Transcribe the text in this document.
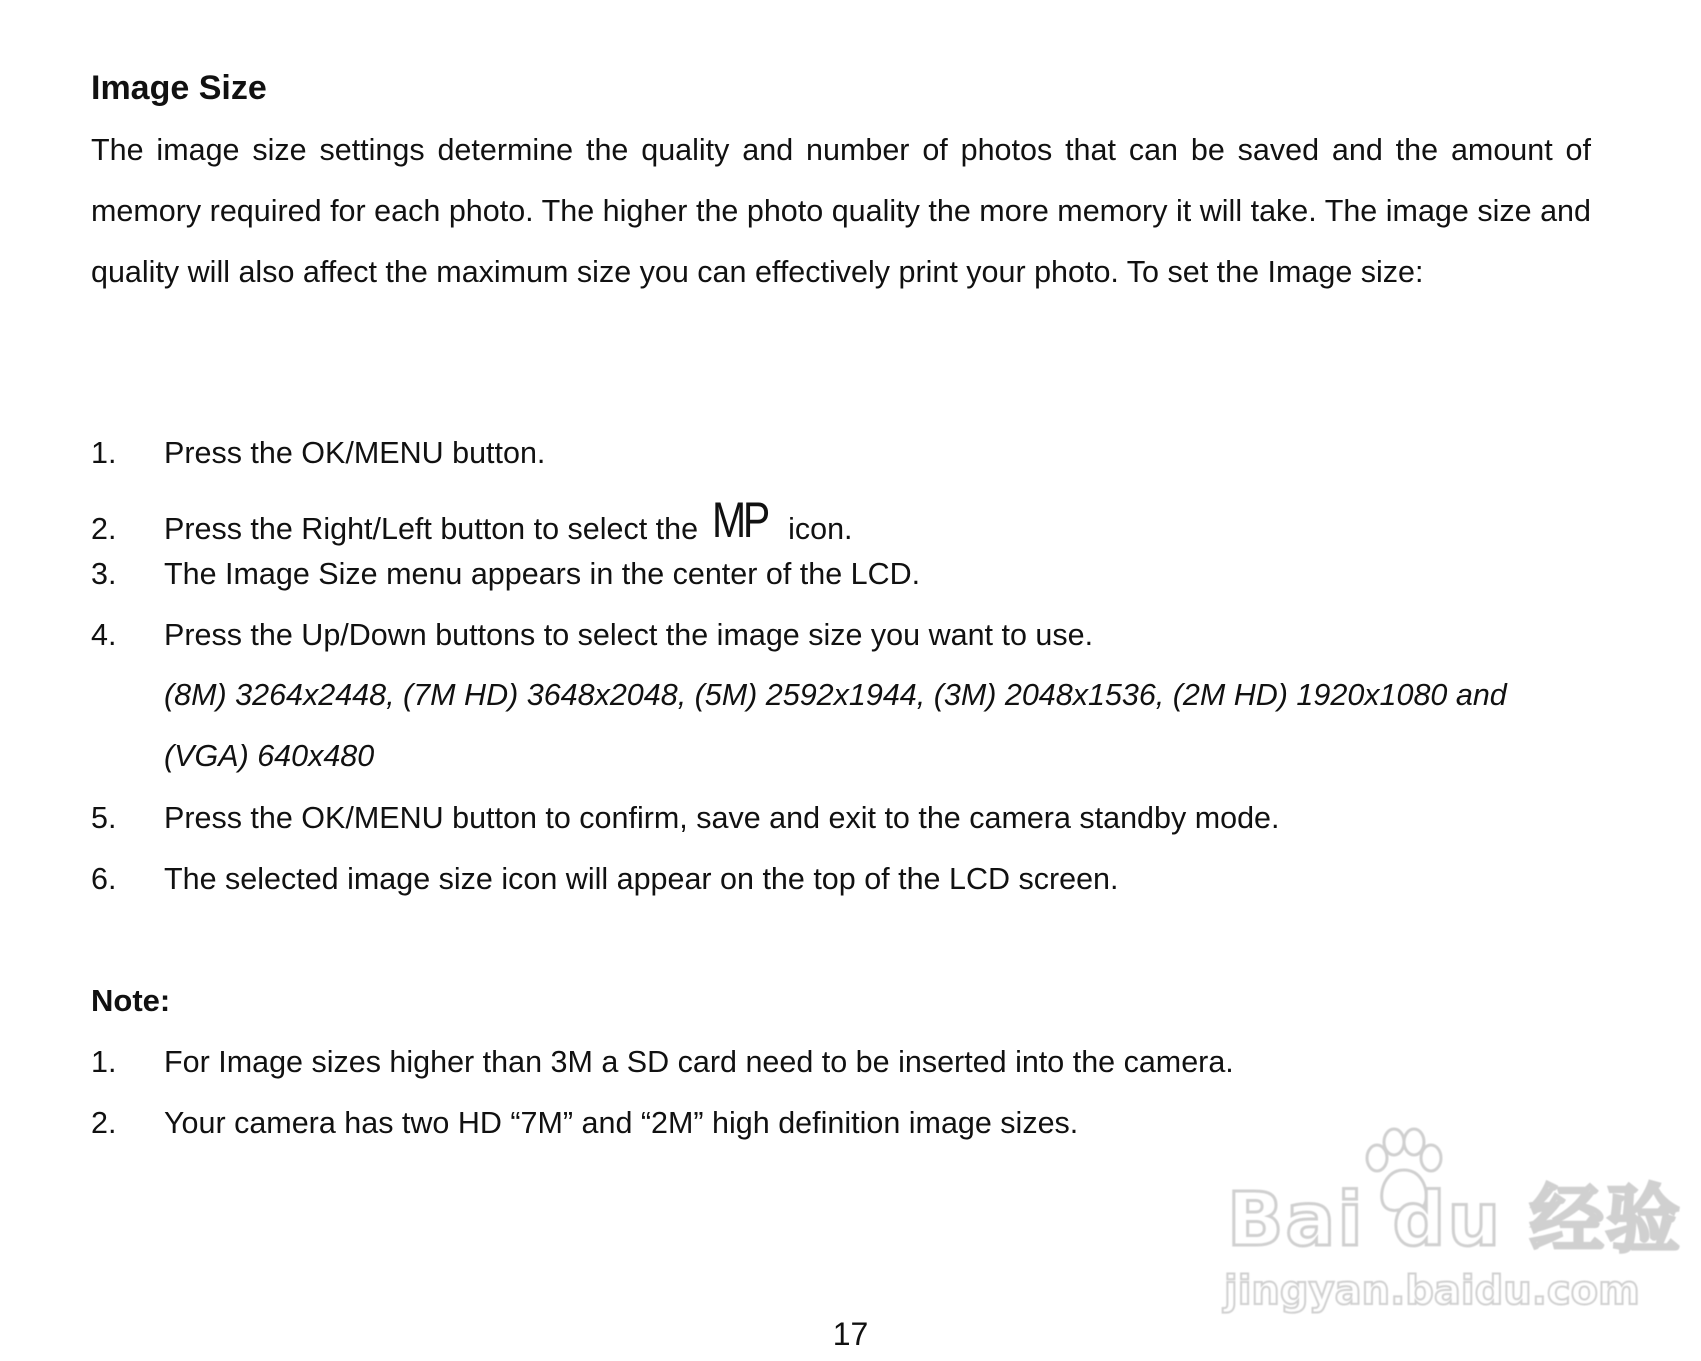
Image Size

The image size settings determine the quality and number of photos that can be saved and the amount of memory required for each photo. The higher the photo quality the more memory it will take. The image size and quality will also affect the maximum size you can effectively print your photo. To set the Image size:

1. Press the OK/MENU button.
2. Press the Right/Left button to select the MP icon.
3. The Image Size menu appears in the center of the LCD.
4. Press the Up/Down buttons to select the image size you want to use.

(8M) 3264x2448, (7M HD) 3648x2048, (5M) 2592x1944, (3M) 2048x1536, (2M HD) 1920x1080 and (VGA) 640x480

5. Press the OK/MENU button to confirm, save and exit to the camera standby mode.
6. The selected image size icon will appear on the top of the LCD screen.
Note:
1. For Image sizes higher than 3M a SD card need to be inserted into the camera.
2. Your camera has two HD “7M” and “2M” high definition image sizes.
Bai du 经验
jingyan.baidu.com
17
